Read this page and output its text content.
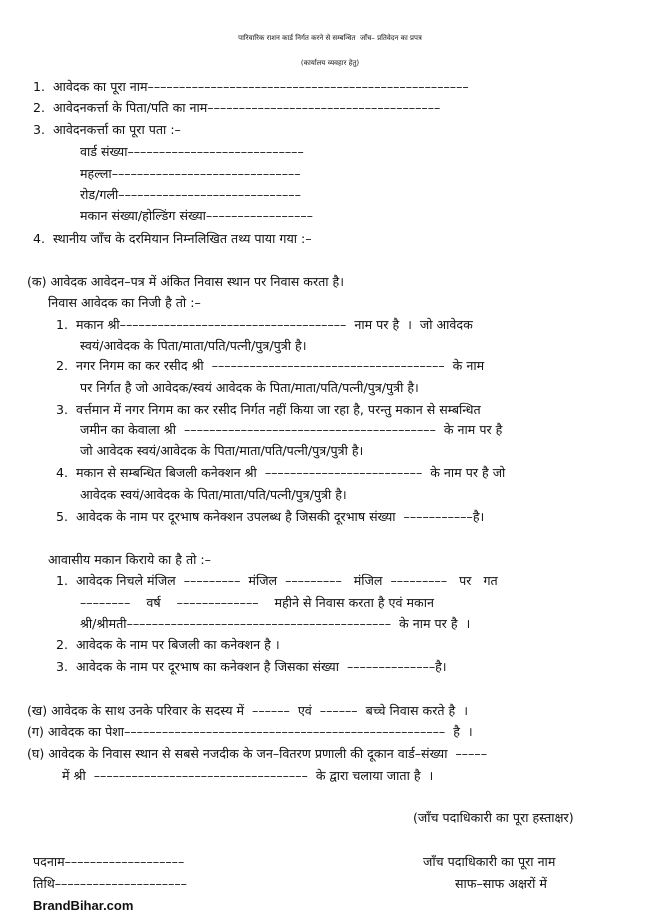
पारिवारिक राशन कार्ड निर्गत करने से सम्बन्धित  जाँच– प्रतिवेदन का प्रपत्र
(कार्यालय व्यवहार हेतु)
1.  आवेदक का पूरा नाम–––––––––––––––––––––––––––––––––––––––––––––––––––
2.  आवेदनकर्त्ता के पिता/पति का नाम–––––––––––––––––––––––––––––––––––––
3.  आवेदनकर्त्ता का पूरा पता :–
वार्ड संख्या––––––––––––––––––––––––––––
महल्ला––––––––––––––––––––––––––––––
रोड/गली–––––––––––––––––––––––––––––
मकान संख्या/होल्डिंग संख्या–––––––––––––––––
4.  स्थानीय जाँच के दरमियान निम्नलिखित तथ्य पाया गया :–
(क) आवेदक आवेदन–पत्र में अंकित निवास स्थान पर निवास करता है।
निवास आवेदक का निजी है तो :–
1.  मकान श्री––––––––––––––––––––––––––––––––––––  नाम पर है  ।  जो आवेदक
स्वयं/आवेदक के पिता/माता/पति/पत्नी/पुत्र/पुत्री है।
2.  नगर निगम का कर रसीद श्री  –––––––––––––––––––––––––––––––––––––  के नाम
पर निर्गत है जो आवेदक/स्वयं आवेदक के पिता/माता/पति/पत्नी/पुत्र/पुत्री है।
3.  वर्त्तमान में नगर निगम का कर रसीद निर्गत नहीं किया जा रहा है, परन्तु मकान से सम्बन्धित
जमीन का केवाला श्री  ––––––––––––––––––––––––––––––––––––––––  के नाम पर है
जो आवेदक स्वयं/आवेदक के पिता/माता/पति/पत्नी/पुत्र/पुत्री है।
4.  मकान से सम्बन्धित बिजली कनेक्शन श्री  –––––––––––––––––––––––––  के नाम पर है जो
आवेदक स्वयं/आवेदक के पिता/माता/पति/पत्नी/पुत्र/पुत्री है।
5.  आवेदक के नाम पर दूरभाष कनेक्शन उपलब्ध है जिसकी दूरभाष संख्या  –––––––––––है।
आवासीय मकान किराये का है तो :–
1.  आवेदक निचले मंजिल  –––––––––  मंजिल  –––––––––   मंजिल  –––––––––   पर   गत
––––––––    वर्ष    –––––––––––––    महीने से निवास करता है एवं मकान
श्री/श्रीमती––––––––––––––––––––––––––––––––––––––––––  के नाम पर है  ।
2.  आवेदक के नाम पर बिजली का कनेक्शन है ।
3.  आवेदक के नाम पर दूरभाष का कनेक्शन है जिसका संख्या  ––––––––––––––है।
(ख) आवेदक के साथ उनके परिवार के सदस्य में  ––––––  एवं  ––––––  बच्चे निवास करते है  ।
(ग) आवेदक का पेशा–––––––––––––––––––––––––––––––––––––––––––––––––––  है  ।
(घ) आवेदक के निवास स्थान से सबसे नजदीक के जन–वितरण प्रणाली की दूकान वार्ड–संख्या  –––––
में श्री  ––––––––––––––––––––––––––––––––––  के द्वारा चलाया जाता है  ।
(जाँच पदाधिकारी का पूरा हस्ताक्षर)
पदनाम–––––––––––––––––––
तिथि–––––––––––––––––––––
जाँच पदाधिकारी का पूरा नाम
साफ–साफ अक्षरों में
BrandBihar.com
